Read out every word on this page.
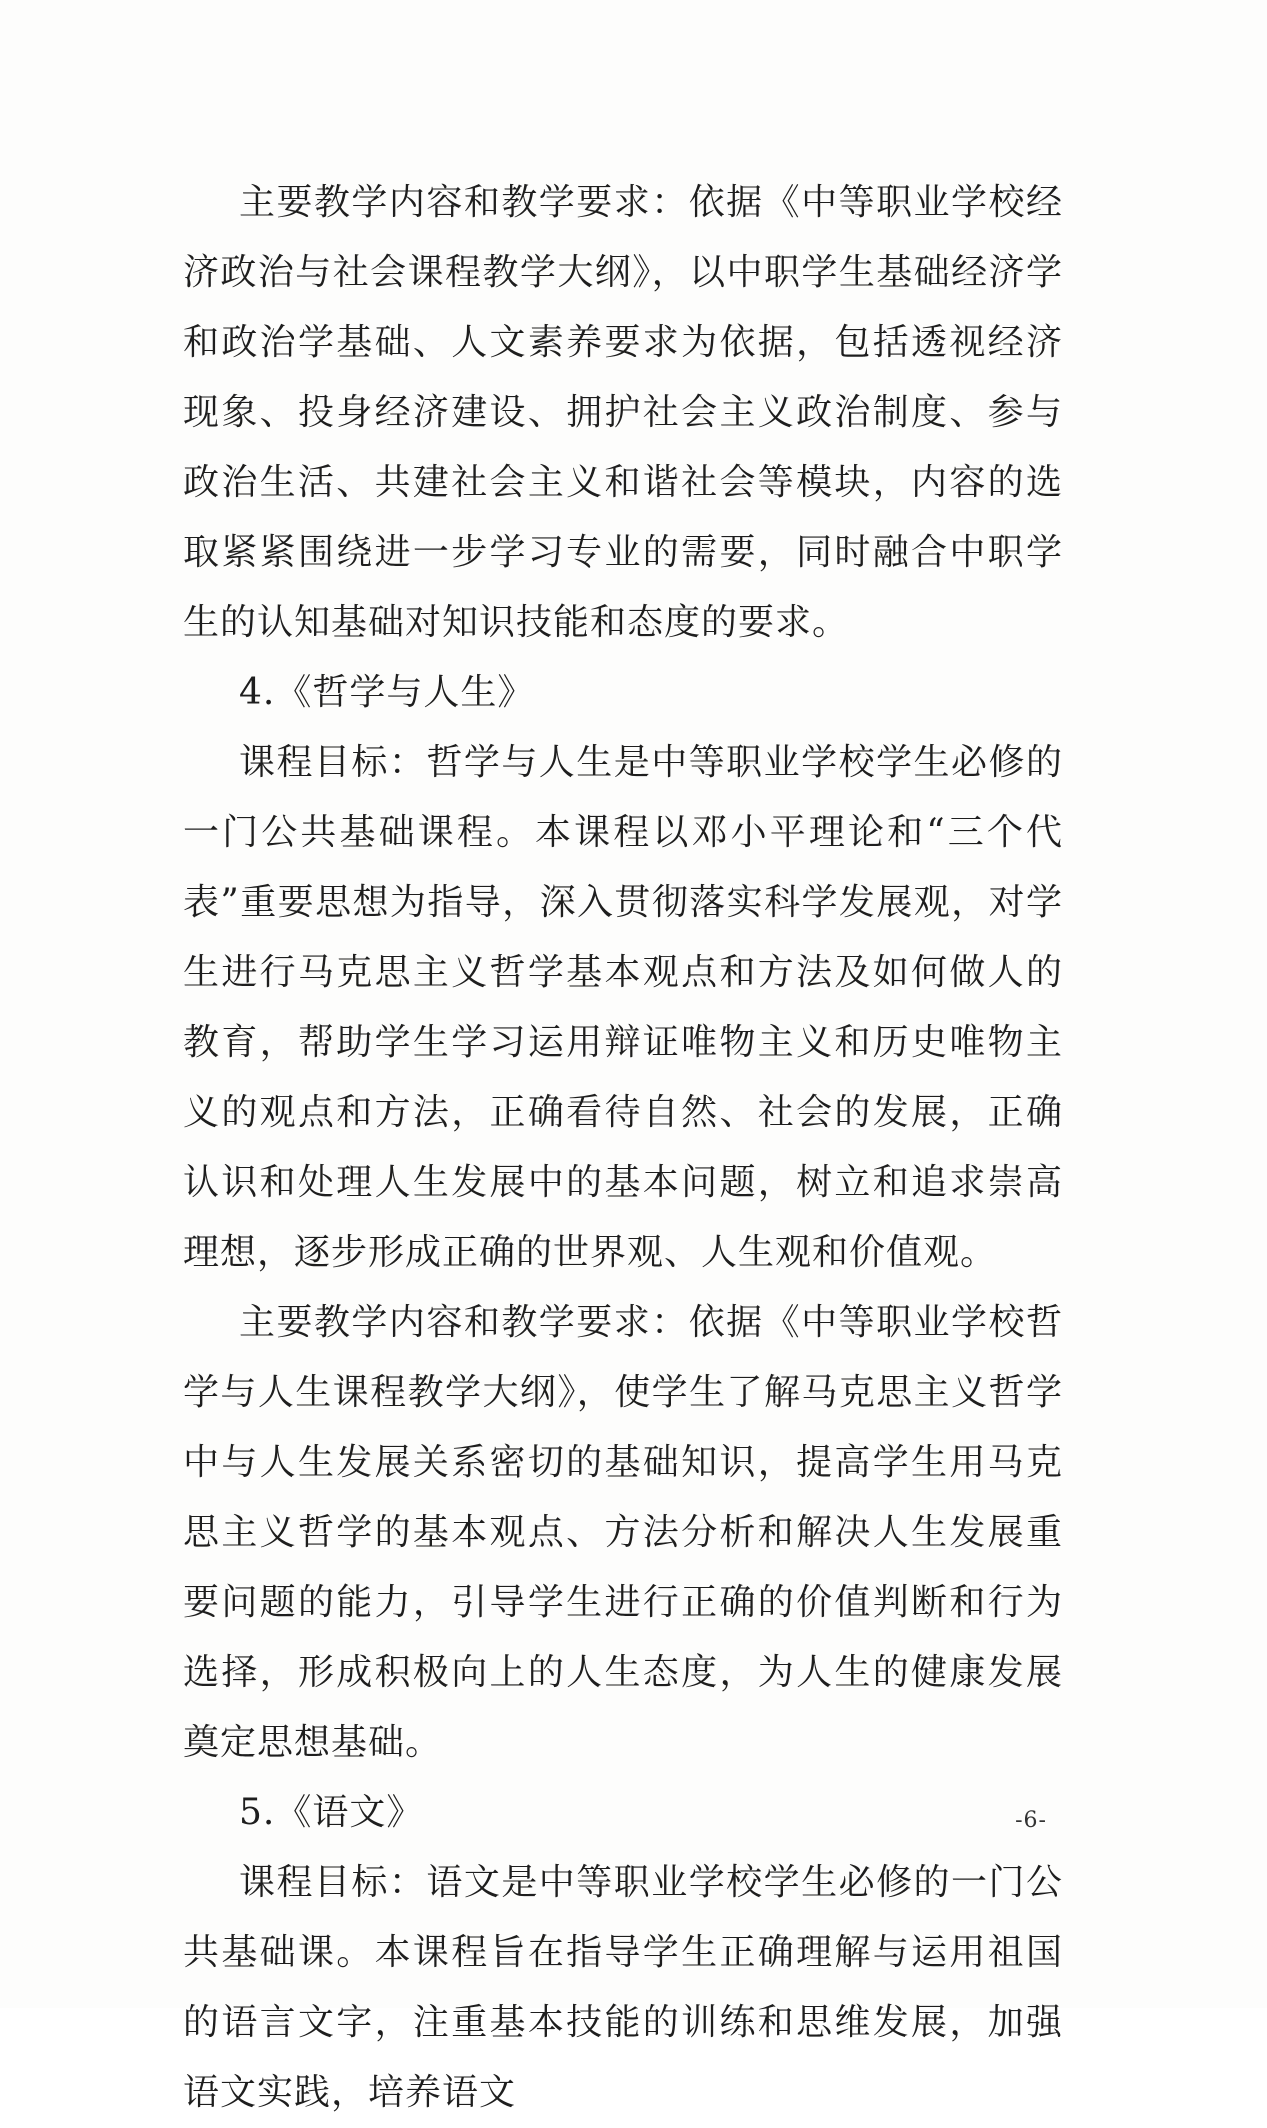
主要教学内容和教学要求：依据《中等职业学校经济政治与社会课程教学大纲》，以中职学生基础经济学和政治学基础、人文素养要求为依据，包括透视经济现象、投身经济建设、拥护社会主义政治制度、参与政治生活、共建社会主义和谐社会等模块，内容的选取紧紧围绕进一步学习专业的需要，同时融合中职学生的认知基础对知识技能和态度的要求。

4.《哲学与人生》

课程目标：哲学与人生是中等职业学校学生必修的一门公共基础课程。本课程以邓小平理论和“三个代表”重要思想为指导，深入贯彻落实科学发展观，对学生进行马克思主义哲学基本观点和方法及如何做人的教育，帮助学生学习运用辩证唯物主义和历史唯物主义的观点和方法，正确看待自然、社会的发展，正确认识和处理人生发展中的基本问题，树立和追求崇高理想，逐步形成正确的世界观、人生观和价值观。

主要教学内容和教学要求：依据《中等职业学校哲学与人生课程教学大纲》，使学生了解马克思主义哲学中与人生发展关系密切的基础知识，提高学生用马克思主义哲学的基本观点、方法分析和解决人生发展重要问题的能力，引导学生进行正确的价值判断和行为选择，形成积极向上的人生态度，为人生的健康发展奠定思想基础。

5.《语文》

课程目标：语文是中等职业学校学生必修的一门公共基础课。本课程旨在指导学生正确理解与运用祖国的语言文字，注重基本技能的训练和思维发展，加强语文实践，培养语文

-6-
